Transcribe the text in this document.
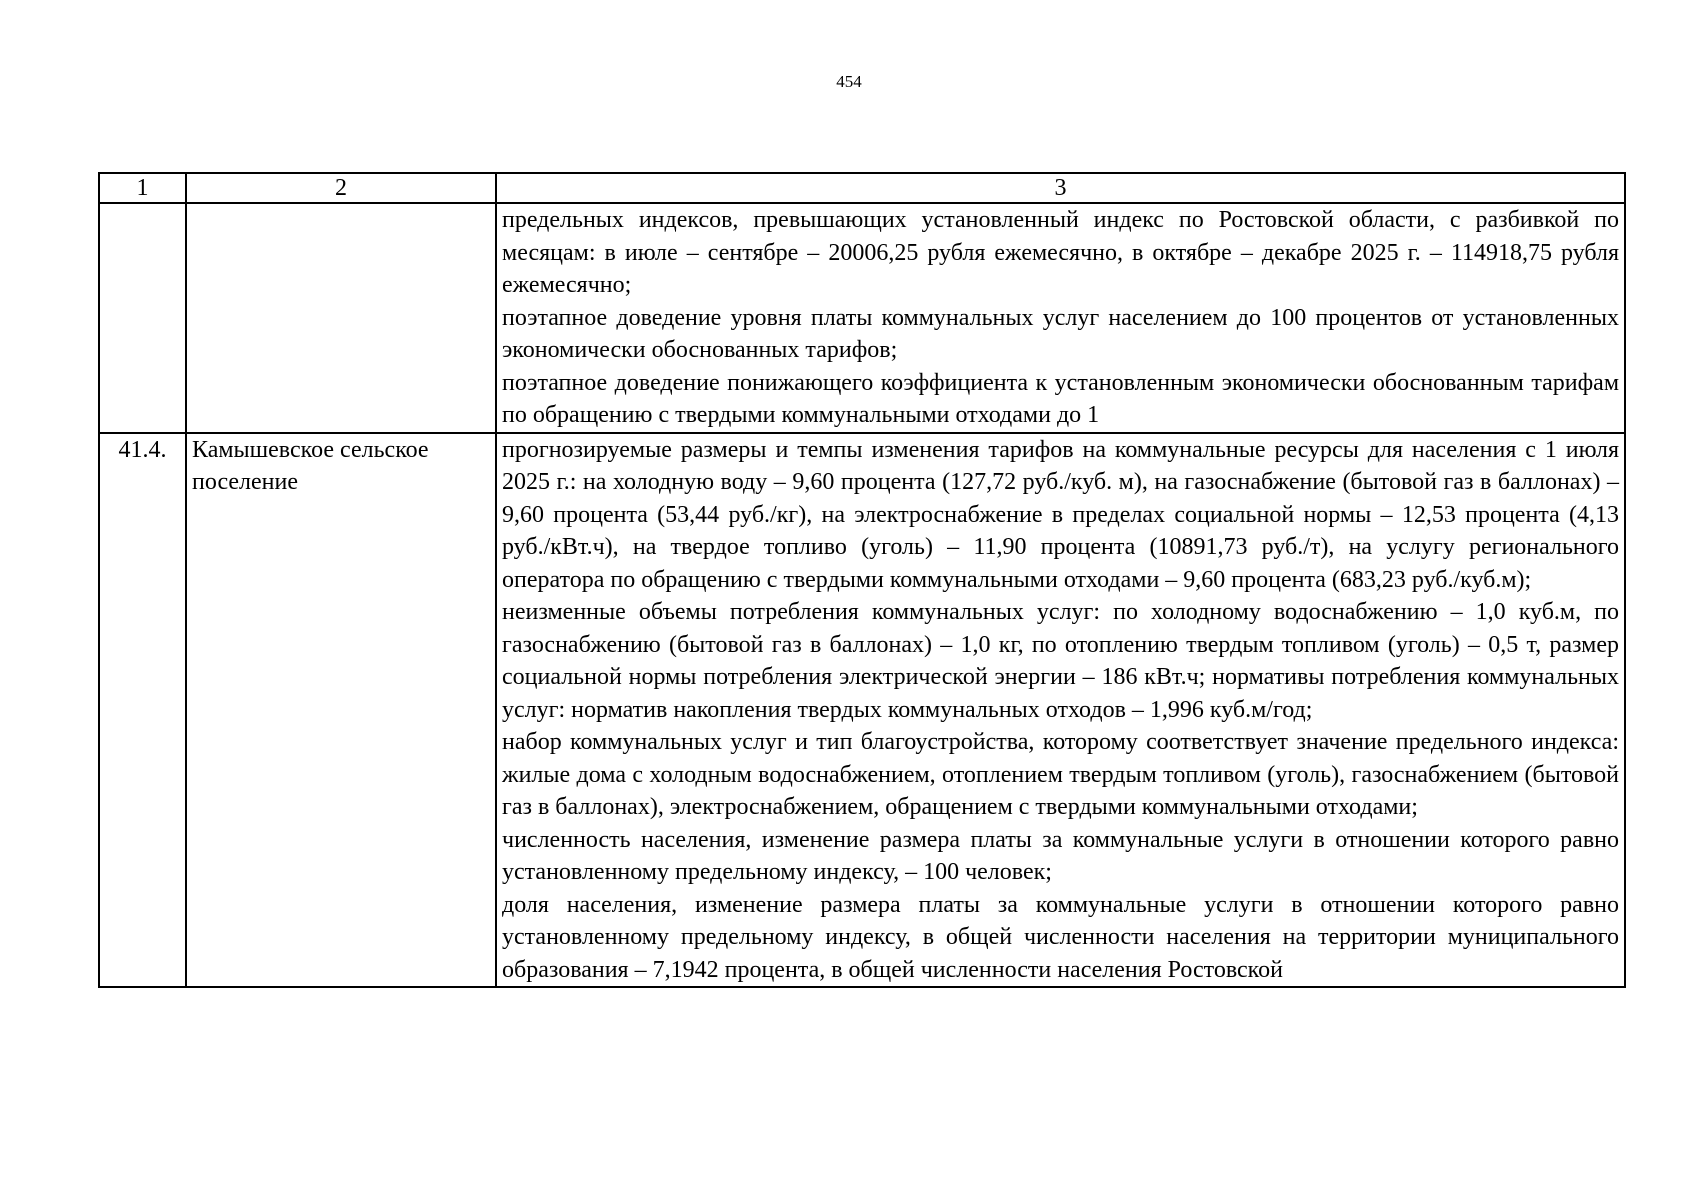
454
1	2	3

		предельных индексов, превышающих установленный индекс по Ростовской области, с разбивкой по месяцам: в июле – сентябре – 20006,25 рубля ежемесячно, в октябре – декабре 2025 г. – 114918,75 рубля ежемесячно;
поэтапное доведение уровня платы коммунальных услуг населением до 100 процентов от установленных экономически обоснованных тарифов;
поэтапное доведение понижающего коэффициента к установленным экономически обоснованным тарифам по обращению с твердыми коммунальными отходами до 1

41.4.	Камышевское сельское поселение	прогнозируемые размеры и темпы изменения тарифов на коммунальные ресурсы для населения с 1 июля 2025 г.: на холодную воду – 9,60 процента (127,72 руб./куб. м), на газоснабжение (бытовой газ в баллонах) – 9,60 процента (53,44 руб./кг), на электроснабжение в пределах социальной нормы – 12,53 процента (4,13 руб./кВт.ч), на твердое топливо (уголь) – 11,90 процента (10891,73 руб./т), на услугу регионального оператора по обращению с твердыми коммунальными отходами – 9,60 процента (683,23 руб./куб.м);
неизменные объемы потребления коммунальных услуг: по холодному водоснабжению – 1,0 куб.м, по газоснабжению (бытовой газ в баллонах) – 1,0 кг, по отоплению твердым топливом (уголь) – 0,5 т, размер социальной нормы потребления электрической энергии – 186 кВт.ч; нормативы потребления коммунальных услуг: норматив накопления твердых коммунальных отходов – 1,996 куб.м/год;
набор коммунальных услуг и тип благоустройства, которому соответствует значение предельного индекса: жилые дома с холодным водоснабжением, отоплением твердым топливом (уголь), газоснабжением (бытовой газ в баллонах), электроснабжением, обращением с твердыми коммунальными отходами;
численность населения, изменение размера платы за коммунальные услуги в отношении которого равно установленному предельному индексу, – 100 человек;
доля населения, изменение размера платы за коммунальные услуги в отношении которого равно установленному предельному индексу, в общей численности населения на территории муниципального образования – 7,1942 процента, в общей численности населения Ростовской
